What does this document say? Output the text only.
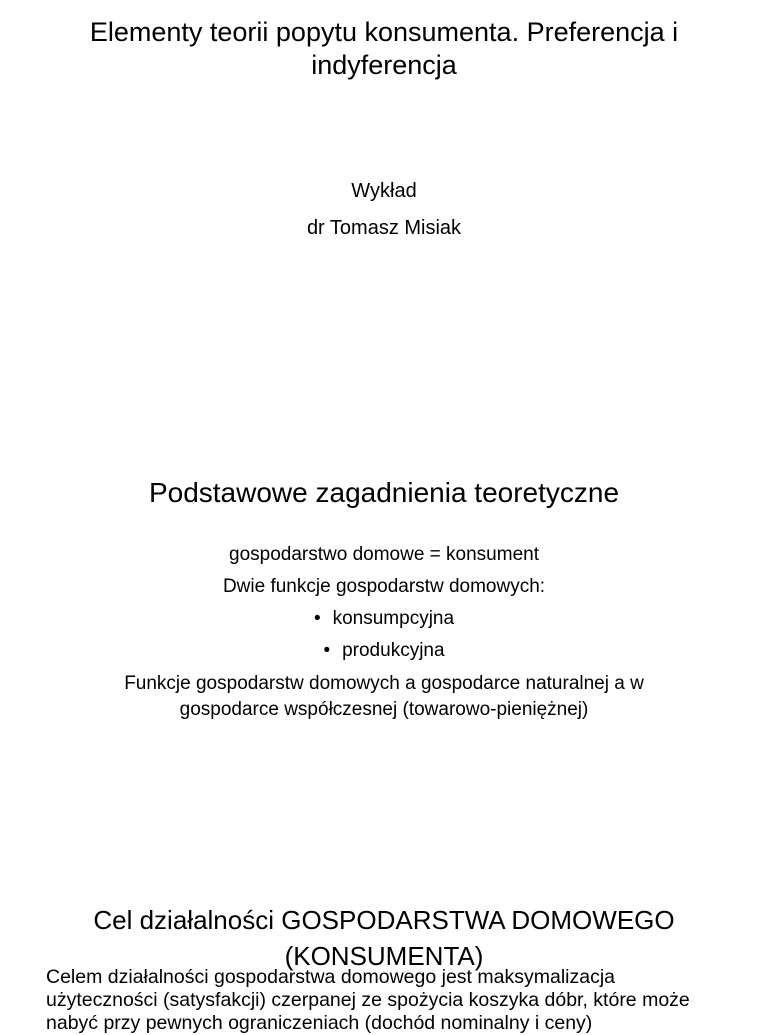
Elementy teorii popytu konsumenta. Preferencja i indyferencja
Wykład
dr Tomasz Misiak
Podstawowe zagadnienia teoretyczne
gospodarstwo domowe = konsument
Dwie funkcje gospodarstw domowych:
• konsumpcyjna
• produkcyjna
Funkcje gospodarstw domowych a gospodarce naturalnej a w gospodarce współczesnej (towarowo-pieniężnej)
Cel działalności GOSPODARSTWA DOMOWEGO (KONSUMENTA)
Celem działalności gospodarstwa domowego jest maksymalizacja użyteczności (satysfakcji) czerpanej ze spożycia koszyka dóbr, które może nabyć przy pewnych ograniczeniach (dochód nominalny i ceny)
